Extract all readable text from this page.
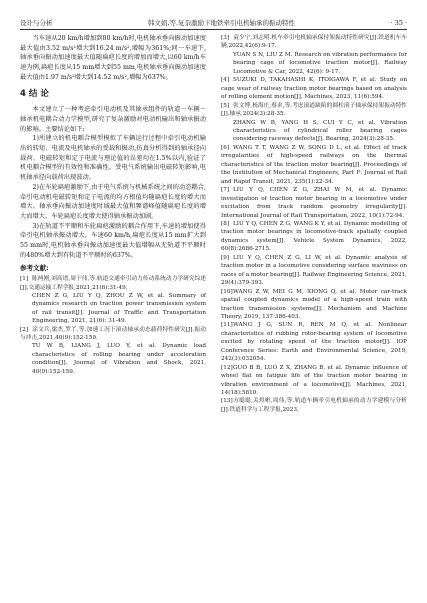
设计与分析	韩文娟,等.复杂激励下地铁牵引电机轴承的振动特性	· 35 ·

当车速从20 km/h增加到80 km/h时,电机轴承垂向振动加速度最大值由3.52 m/s²增大到16.24 m/s²,增幅为361%;同一车速下,轴承垂向振动加速度最大值随扁疤长度的增加而增大,以60 km/h车速为例,扁疤长度从15 mm增大到55 mm,电机轴承垂向振动加速度最大值由1.97 m/s²增大到14.52 m/s²,增幅为637%。

4 结 论

本文建立了一种考虑牵引电动机及其轴承组件的轨道－车辆－轴承机电耦合动力学模型,研究了复杂激励对电动机输出和轴承振动的影响。主要结论如下:

1)所建立的机电耦合模型模拟了车辆运行过程中牵引电动机输出的转矩、电流及电机轴承的受载和振动,仿真分析得到的轴承径向载荷、电磁转矩和定子电流与理论值的误差均在1.5%以内,验证了机电耦合模型的有效性和准确性。受电气系统输出电磁转矩影响,电机轴承径向载荷出现波动。

2)在车轮扁疤激励下,由于电气系统与机械系统之间的动态耦合,牵引电动机电磁转矩和定子电流的均方根值均随扁疤长度的增大而增大。轴承垂向振动加速度时域最大值和频谱峰值随扁疤长度的增大而增大。车轮扁疤长度增大使得轴承振动加剧。

3)在轨道不平顺和车轮扁疤激励的耦合作用下,车速的增加使得牵引电机轴承振动增大。车速60 km/h,扁疤长度从15 mm扩大到55 mm时,电机轴承垂向振动加速度最大值增幅从无轨道不平顺时的480%增大到有轨道不平顺时的637%。

参考文献:
[1] 陈两刚,刘高谱,周于伟,等.轨道交通牵引动力传动系统动力学研究综述[J].交通运输工程学报,2021,21(6):31-49.
CHEN Z G, LIU Y Q, ZHOU Z W, et al. Summary of dynamics research on traction power transmission system of rail transit[J]. Journal of Traffic and Transportation Engineering, 2021, 21(6): 31-49.
[2] 涂文兵,梁杰,罗丫,等.加速工况下滚动轴承动态载荷特性研究[J].振动与冲击,2021,40(9):152-159.
TU W B, LIANG J, LUO Y, et al. Dynamic load characteristics of rolling bearing under acceleration condition[J]. Journal of Vibration and Shock, 2021, 40(9):152-159.
[3] 袁少宁,刘志明.机车牵引电机轴承保持架振动特性研究[J].铁道机车车辆,2022,42(6):9-17.
YUAN S N, LIU Z M. Research on vibration performance for bearing cage of locomotive traction motor[J]. Railway Locomotive & Car, 2022, 42(6): 9-17.
[4] SUZUKI D, TAKAHASHI K, ITOIGAWA F, et al. Study on cage wear of railway traction motor bearings based on analysis of rolling element motion[J]. Machines, 2023, 11(6):594.
[5] 张文博,杨海庄,蔡求,等.考虑滚道缺陷的圆柱滚子轴承保持架振动特性[J].轴承,2024(3):28-35.
ZHANG W B, YANG H S, CUI Y C, et al. Vibration characteristics of cylindrical roller bearing cages considering raceway defects[J]. Bearing, 2024(3):28-35.
[6] WANG T T, WANG Z W, SONG D L, et al. Effect of track irregularities of high-speed railways on the thermal characteristics of the traction motor bearing[J]. Proceedings of the Institution of Mechanical Engineers, Part F: Journal of Rail and Rapid Transit, 2021, 235(1):22-34.
[7] LIU Y Q, CHEN Z G, ZHAI W M, et al. Dynamic investigation of traction motor bearing in a locomotive under excitation from track random geometry irregularity[J]. International Journal of Rail Transportation, 2022, 10(1):72-94.
[8] LIU Y Q, CHEN Z G, WANG K Y, et al. Dynamic modelling of traction motor bearings in locomotive-track spatially coupled dynamics system[J]. Vehicle System Dynamics, 2022, 60(8):2686-2715.
[9] LIU Y Q, CHEN Z G, LI W, et al. Dynamic analysis of traction motor in a locomotive considering surface waviness on races of a motor bearing[J]. Railway Engineering Science, 2021, 29(4):379-393.
[10]WANG Z W, MEI G M, XIONG Q, et al. Motor car-track spatial coupled dynamics model of a high-speed train with traction transmission systems[J]. Mechanism and Machine Theory, 2019, 137:386-403.
[11]WANG J G, SUN R, REN M Q, et al. Nonlinear characteristics of rubbing rotor-bearing system of locomotive excited by rotating speed of the traction motor[J]. IOP Conference Series: Earth and Environmental Science, 2019, 242(3):032054.
[12]GUO B B, LUO Z X, ZHANG B, et al. Dynamic influence of wheel flat on fatigue life of the traction motor bearing in vibration environment of a locomotive[J]. Machines, 2021, 14(18):5810.
[13]方聪聪,关煜彬,周伟,等.轨道车辆牵引电机轴承的动力学建模与分析[J].铁道科学与工程学报,2023,
